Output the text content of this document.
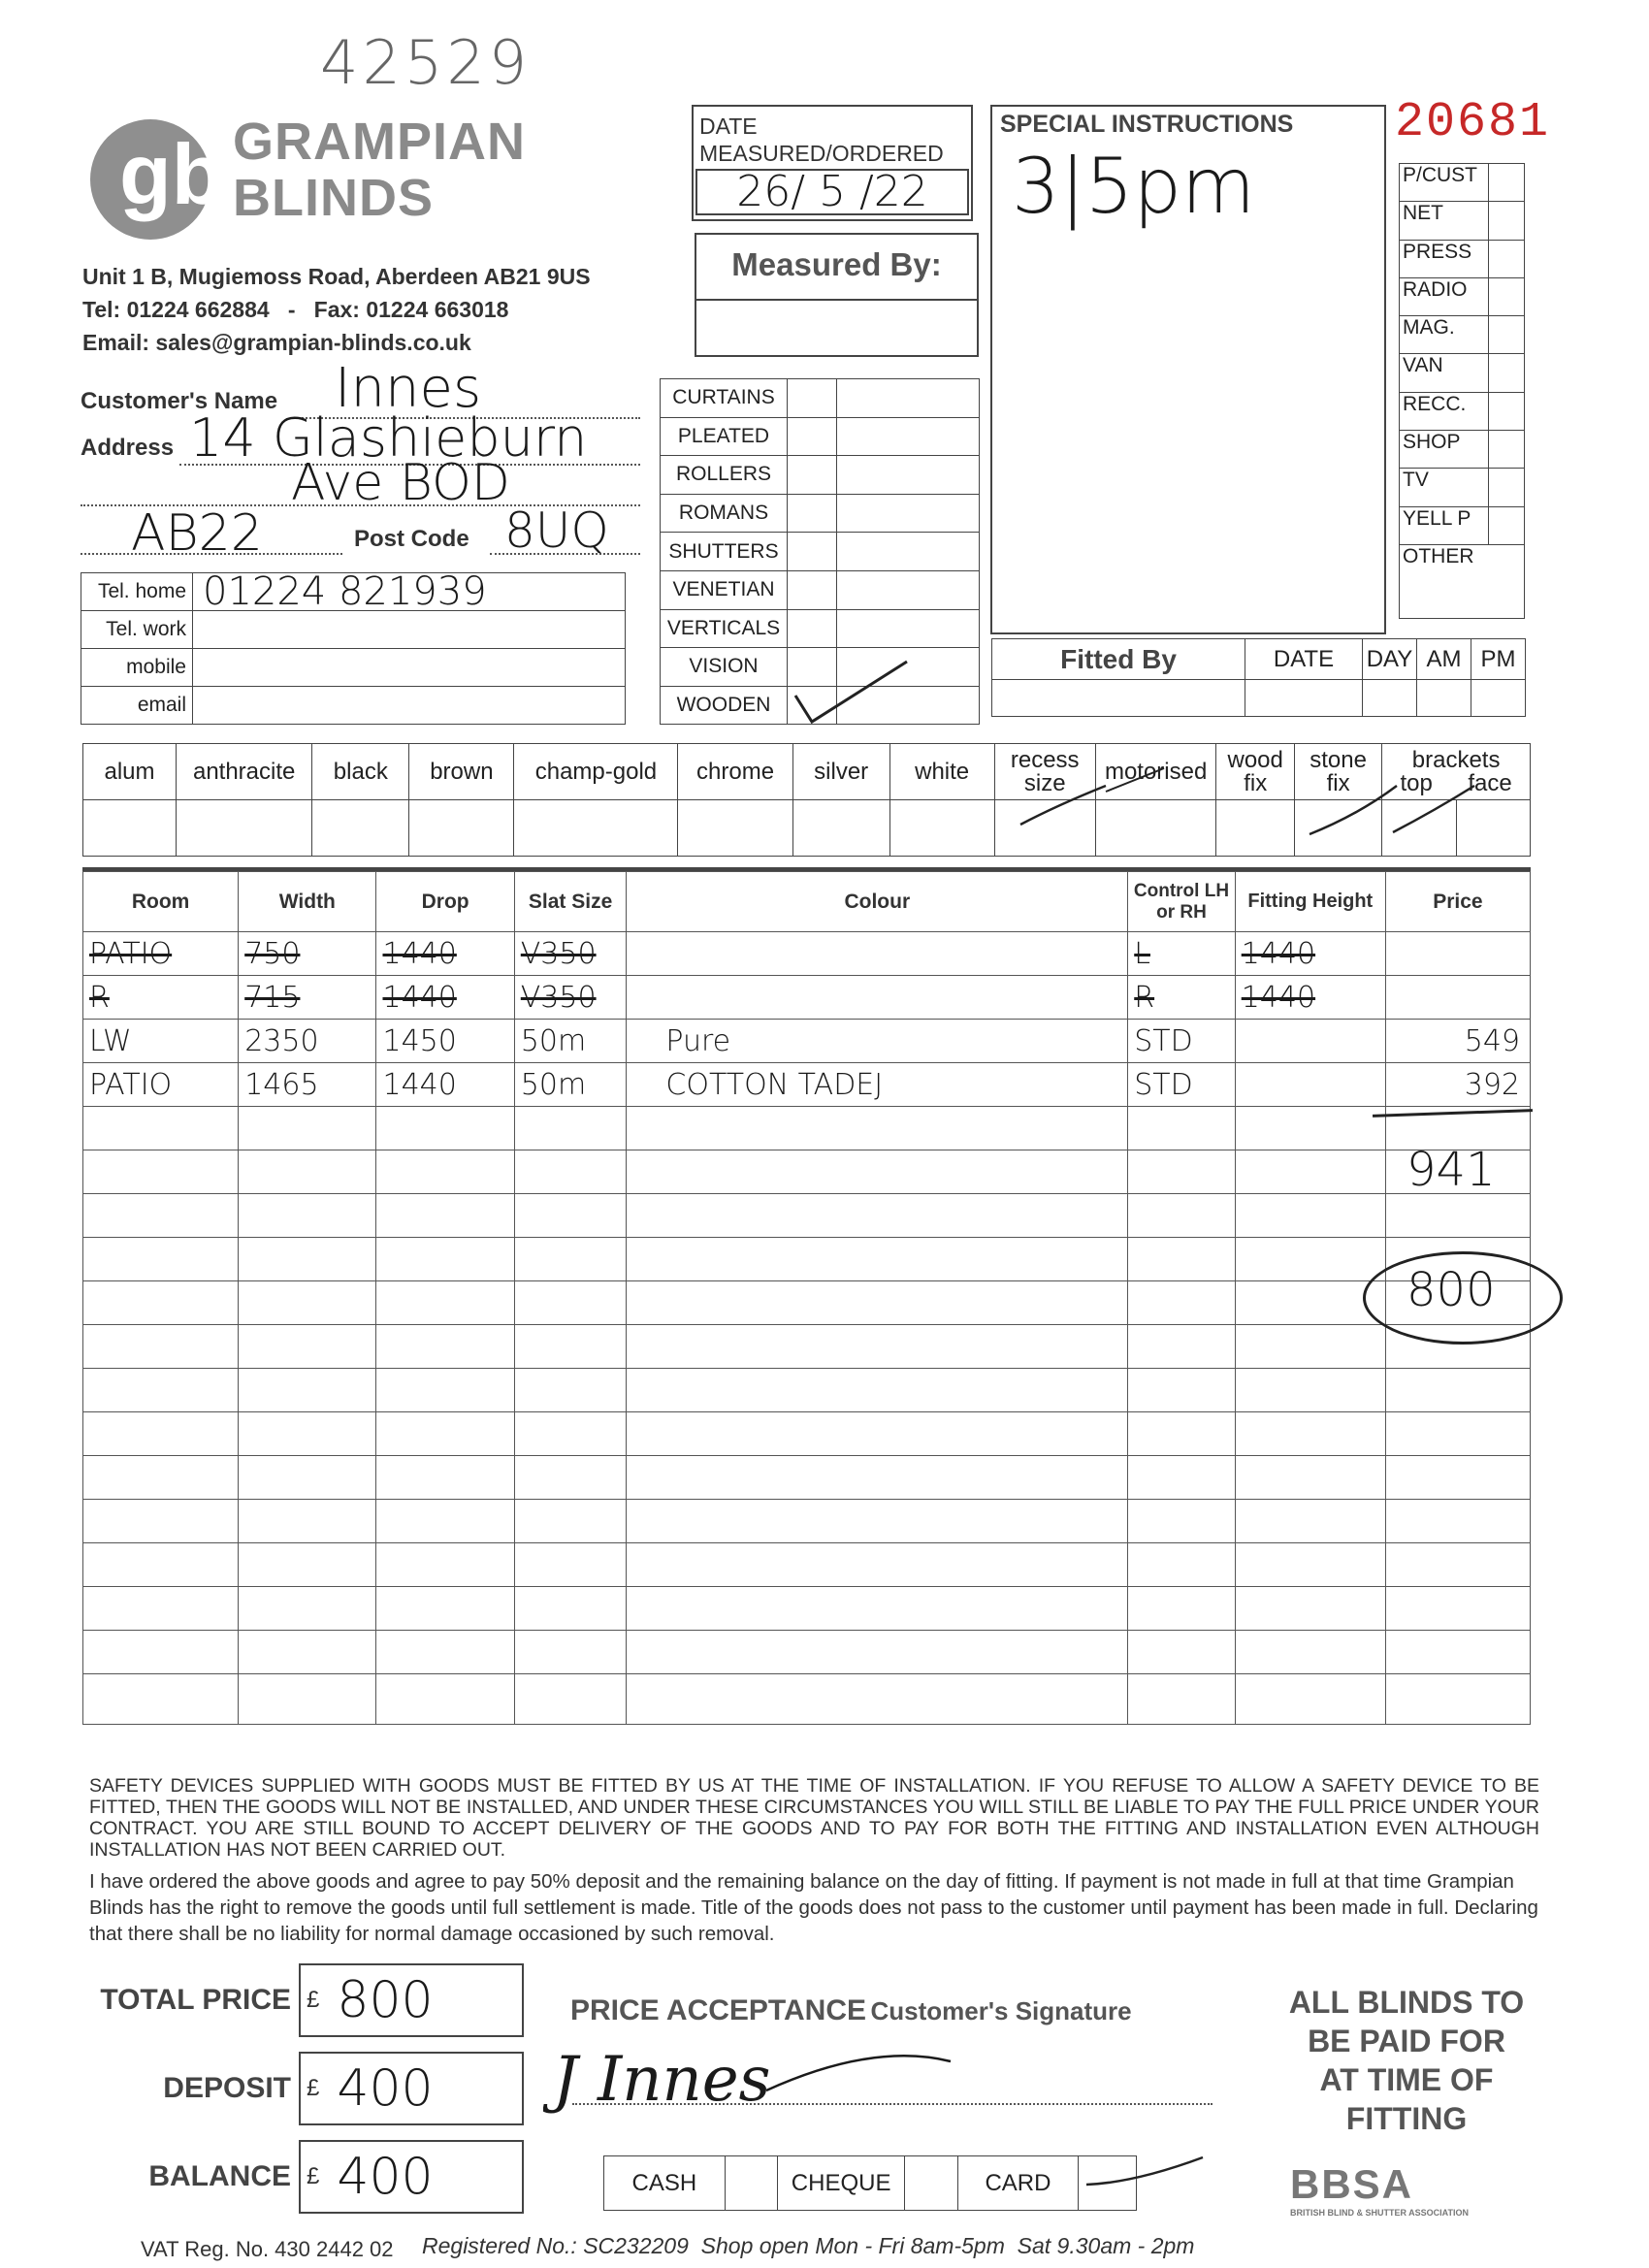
42529
gb GRAMPIAN
BLINDS
Unit 1 B, Mugiemoss Road, Aberdeen AB21 9US
Tel: 01224 662884   -   Fax: 01224 663018
Email: sales@grampian-blinds.co.uk
DATE MEASURED/ORDERED
26/ 5 /22
Measured By:
SPECIAL INSTRUCTIONS
3|5pm
20681
P/CUST	
NET	
PRESS	
RADIO	
MAG.	
VAN	
RECC.	
SHOP	
TV	
YELL P	
OTHER	
Customer's Name Innes
Address 14 Glashieburn
Ave BOD
AB22	Post Code 8UQ
Tel. home	01224 821939
Tel. work	
mobile	
email	
CURTAINS		
PLEATED		
ROLLERS		
ROMANS		
SHUTTERS		
VENETIAN		
VERTICALS		
VISION		
WOODEN		
Fitted By	DATE	DAY	AM	PM

alum	anthracite	black	brown	champ-gold	chrome	silver	white	recess size	motorised	wood fix	stone fix	brackets
top face	

Room	Width	Drop	Slat Size	Colour	Control LH or RH	Fitting Height	Price
PATIO	750	1440	V350		L	1440	
R	715	1440	V350		R	1440	
LW	2350	1450	50m	Pure	STD		549
PATIO	1465	1440	50m	COTTON TADEJ	STD		392

941
800
SAFETY DEVICES SUPPLIED WITH GOODS MUST BE FITTED BY US AT THE TIME OF INSTALLATION. IF YOU REFUSE TO ALLOW A SAFETY DEVICE TO BE FITTED, THEN THE GOODS WILL NOT BE INSTALLED, AND UNDER THESE CIRCUMSTANCES YOU WILL STILL BE LIABLE TO PAY THE FULL PRICE UNDER YOUR CONTRACT. YOU ARE STILL BOUND TO ACCEPT DELIVERY OF THE GOODS AND TO PAY FOR BOTH THE FITTING AND INSTALLATION EVEN ALTHOUGH INSTALLATION HAS NOT BEEN CARRIED OUT.
I have ordered the above goods and agree to pay 50% deposit and the remaining balance on the day of fitting. If payment is not made in full at that time Grampian Blinds has the right to remove the goods until full settlement is made. Title of the goods does not pass to the customer until payment has been made in full. Declaring that there shall be no liability for normal damage occasioned by such removal.
TOTAL PRICE £ 800
DEPOSIT £ 400
BALANCE £ 400
PRICE ACCEPTANCE Customer's Signature
J Innes
CASH		CHEQUE		CARD	
ALL BLINDS TO
BE PAID FOR
AT TIME OF
FITTING
BBSA
BRITISH BLIND & SHUTTER ASSOCIATION
VAT Reg. No. 430 2442 02 Registered No.: SC232209  Shop open Mon - Fri 8am-5pm  Sat 9.30am - 2pm
